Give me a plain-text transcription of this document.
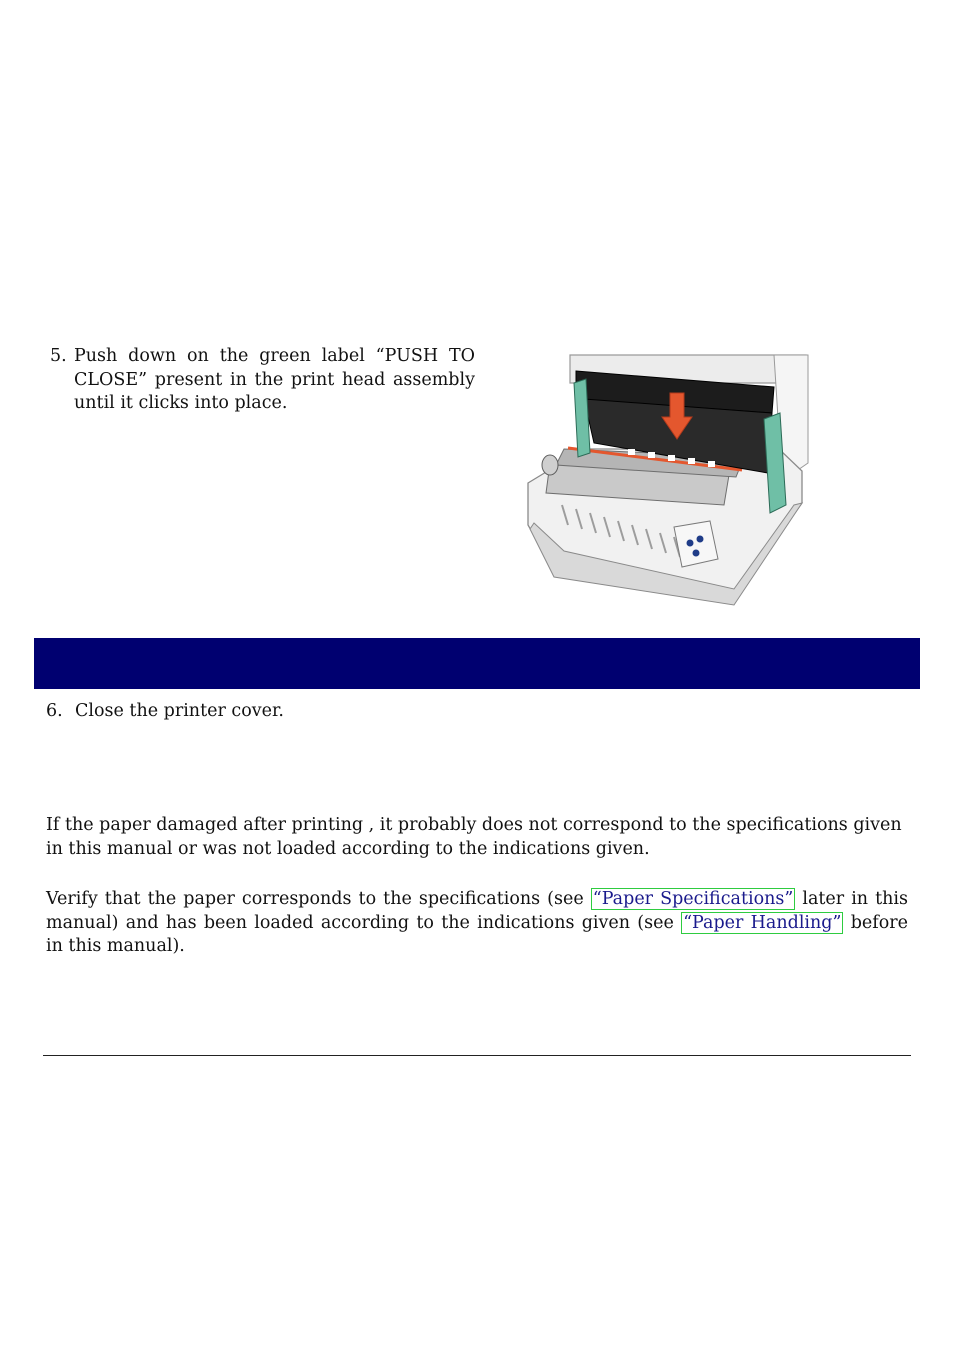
5. Push down on the green label “PUSH TO CLOSE” present in the print head assembly until it clicks into place.
6. Close the printer cover.
If the paper damaged after printing , it probably does not correspond to the specifications given in this manual or was not loaded according to the indications given.
Verify that the paper corresponds to the specifications (see “Paper Specifications” later in this manual) and has been loaded according to the indications given (see “Paper Handling” before in this manual).
